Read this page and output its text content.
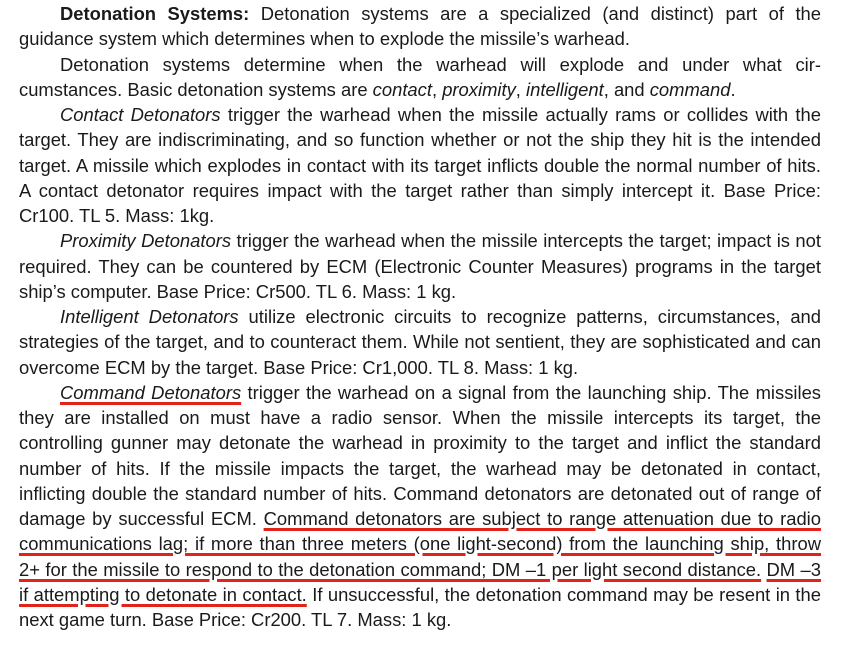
Detonation Systems: Detonation systems are a specialized (and distinct) part of the guidance system which determines when to explode the missile’s warhead.

Detonation systems determine when the warhead will explode and under what circumstances. Basic detonation systems are contact, proximity, intelligent, and command.

Contact Detonators trigger the warhead when the missile actually rams or collides with the target. They are indiscriminating, and so function whether or not the ship they hit is the intended target. A missile which explodes in contact with its target inflicts double the normal number of hits. A contact detonator requires impact with the target rather than simply intercept it. Base Price: Cr100. TL 5. Mass: 1kg.

Proximity Detonators trigger the warhead when the missile intercepts the target; impact is not required. They can be countered by ECM (Electronic Counter Measures) programs in the target ship’s computer. Base Price: Cr500. TL 6. Mass: 1 kg.

Intelligent Detonators utilize electronic circuits to recognize patterns, circumstances, and strategies of the target, and to counteract them. While not sentient, they are sophisticated and can overcome ECM by the target. Base Price: Cr1,000. TL 8. Mass: 1 kg.

Command Detonators trigger the warhead on a signal from the launching ship. The missiles they are installed on must have a radio sensor. When the missile intercepts its target, the controlling gunner may detonate the warhead in proximity to the target and inflict the standard number of hits. If the missile impacts the target, the warhead may be detonated in contact, inflicting double the standard number of hits. Command detonators are detonated out of range of damage by successful ECM. Command detonators are subject to range attenuation due to radio communications lag; if more than three meters (one light-second) from the launching ship, throw 2+ for the missile to respond to the detonation command; DM –1 per light second distance. DM –3 if attempting to detonate in contact. If unsuccessful, the detonation command may be resent in the next game turn. Base Price: Cr200. TL 7. Mass: 1 kg.
